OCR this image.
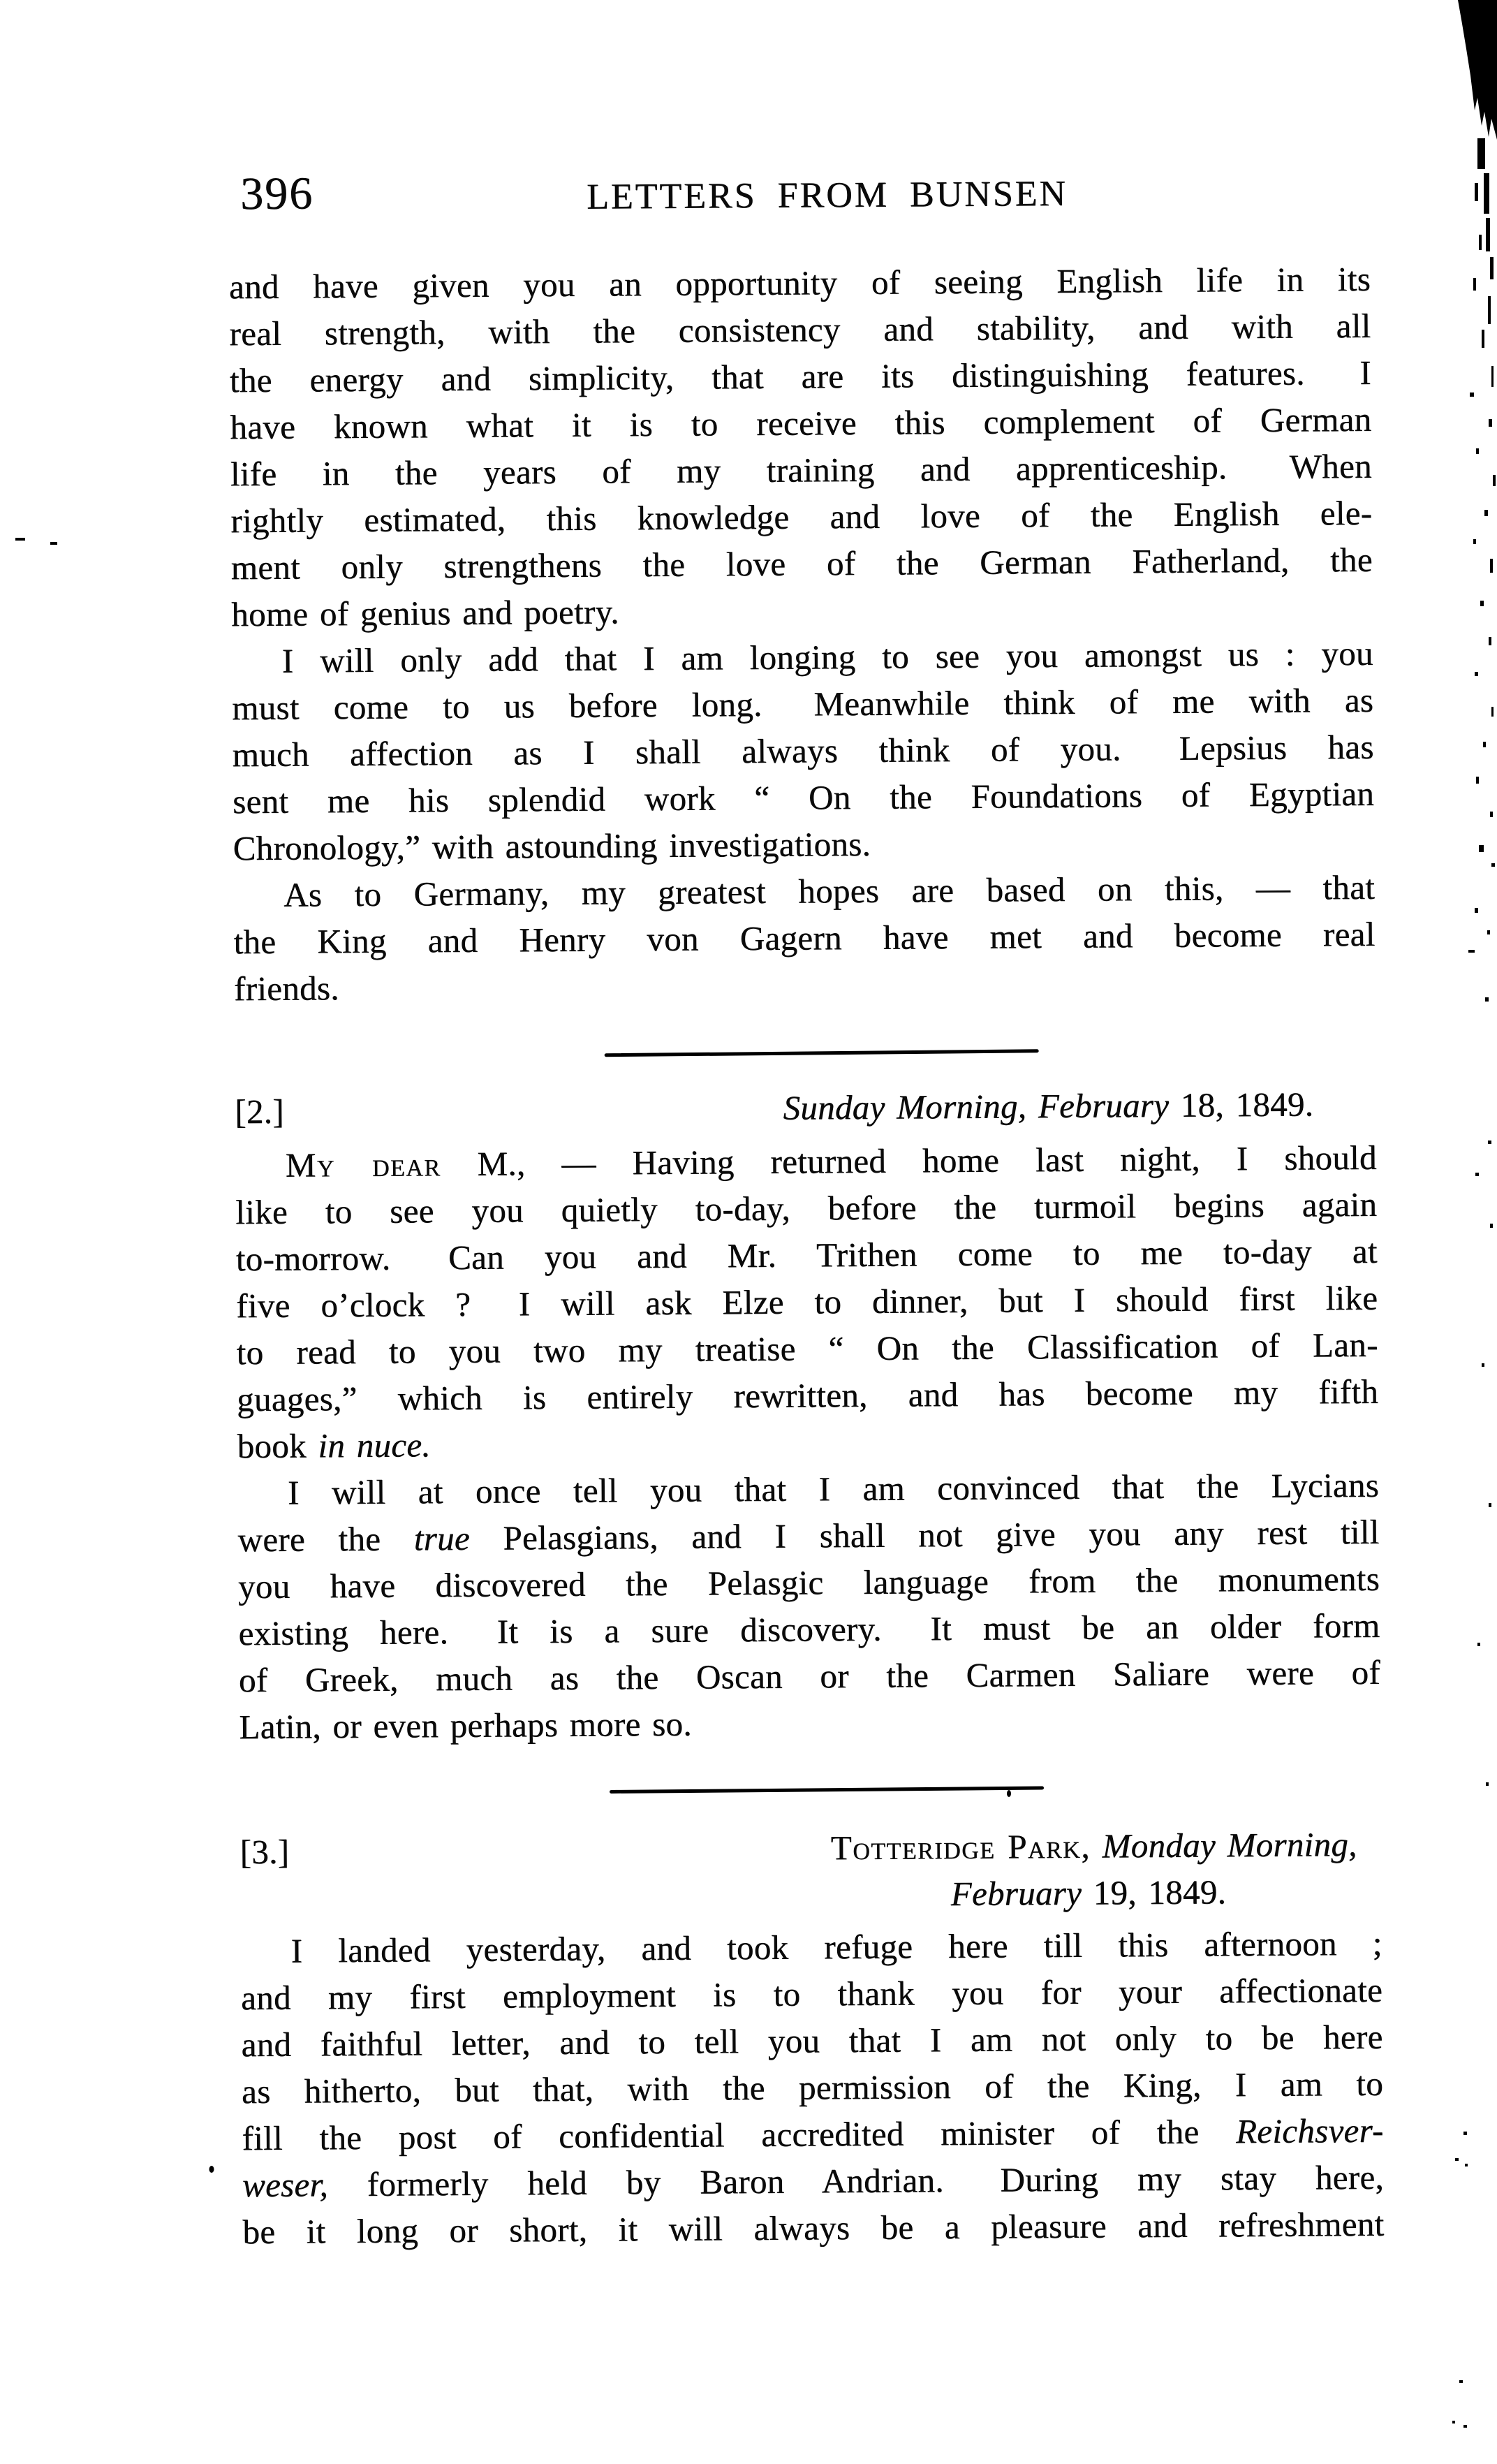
396	LETTERS FROM BUNSEN
and have given you an opportunity of seeing English life in its
real strength, with the consistency and stability, and with all
the energy and simplicity, that are its distinguishing features.  I
have known what it is to receive this complement of German
life in the years of my training and apprenticeship.  When
rightly estimated, this knowledge and love of the English ele-
ment only strengthens the love of the German Fatherland, the
home of genius and poetry.
I will only add that I am longing to see you amongst us : you
must come to us before long.  Meanwhile think of me with as
much affection as I shall always think of you.  Lepsius has
sent me his splendid work “ On the Foundations of Egyptian
Chronology,” with astounding investigations.
As to Germany, my greatest hopes are based on this, — that
the King and Henry von Gagern have met and become real
friends.
[2.]	Sunday Morning, February 18, 1849.
My dear M., — Having returned home last night, I should
like to see you quietly to-day, before the turmoil begins again
to-morrow.  Can you and Mr. Trithen come to me to-day at
five o’clock ?  I will ask Elze to dinner, but I should first like
to read to you two my treatise “ On the Classification of Lan-
guages,” which is entirely rewritten, and has become my fifth
book in nuce.
I will at once tell you that I am convinced that the Lycians
were the true Pelasgians, and I shall not give you any rest till
you have discovered the Pelasgic language from the monuments
existing here.  It is a sure discovery.  It must be an older form
of Greek, much as the Oscan or the Carmen Saliare were of
Latin, or even perhaps more so.
[3.]	Totteridge Park, Monday Morning,
February 19, 1849.
I landed yesterday, and took refuge here till this afternoon ;
and my first employment is to thank you for your affectionate
and faithful letter, and to tell you that I am not only to be here
as hitherto, but that, with the permission of the King, I am to
fill the post of confidential accredited minister of the Reichsver-
weser, formerly held by Baron Andrian.  During my stay here,
be it long or short, it will always be a pleasure and refreshment
